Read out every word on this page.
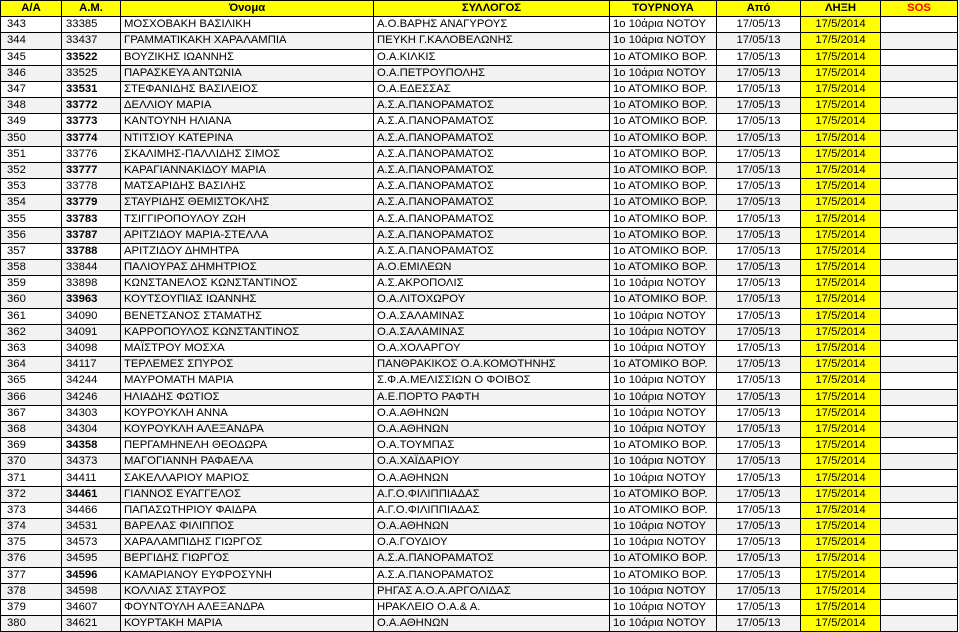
Α/Α	Α.Μ.	Όνομα	ΣΥΛΛΟΓΟΣ	ΤΟΥΡΝΟΥΑ	Από	ΛΗΞΗ	SOS
343	33385	ΜΟΣΧΟΒΑΚΗ ΒΑΣΙΛΙΚΗ	Α.Ο.ΒΑΡΗΣ ΑΝΑΓΥΡΟΥΣ	1ο 10άρια ΝΟΤΟΥ	17/05/13	17/5/2014	
344	33437	ΓΡΑΜΜΑΤΙΚΑΚΗ ΧΑΡΑΛΑΜΠΙΑ	ΠΕΥΚΗ Γ.ΚΑΛΟΒΕΛΩΝΗΣ	1ο 10άρια ΝΟΤΟΥ	17/05/13	17/5/2014	
345	33522	ΒΟΥΖΙΚΗΣ ΙΩΑΝΝΗΣ	Ο.Α.ΚΙΛΚΙΣ	1ο ΑΤΟΜΙΚΟ ΒΟΡ.	17/05/13	17/5/2014	
346	33525	ΠΑΡΑΣΚΕΥΑ ΑΝΤΩΝΙΑ	Ο.Α.ΠΕΤΡΟΥΠΟΛΗΣ	1ο 10άρια ΝΟΤΟΥ	17/05/13	17/5/2014	
347	33531	ΣΤΕΦΑΝΙΔΗΣ ΒΑΣΙΛΕΙΟΣ	Ο.Α.ΕΔΕΣΣΑΣ	1ο ΑΤΟΜΙΚΟ ΒΟΡ.	17/05/13	17/5/2014	
348	33772	ΔΕΛΛΙΟΥ ΜΑΡΙΑ	Α.Σ.Α.ΠΑΝΟΡΑΜΑΤΟΣ	1ο ΑΤΟΜΙΚΟ ΒΟΡ.	17/05/13	17/5/2014	
349	33773	ΚΑΝΤΟΥΝΗ ΗΛΙΑΝΑ	Α.Σ.Α.ΠΑΝΟΡΑΜΑΤΟΣ	1ο ΑΤΟΜΙΚΟ ΒΟΡ.	17/05/13	17/5/2014	
350	33774	ΝΤΙΤΣΙΟΥ ΚΑΤΕΡΙΝΑ	Α.Σ.Α.ΠΑΝΟΡΑΜΑΤΟΣ	1ο ΑΤΟΜΙΚΟ ΒΟΡ.	17/05/13	17/5/2014	
351	33776	ΣΚΑΛΙΜΗΣ-ΠΑΛΛΙΔΗΣ ΣΙΜΟΣ	Α.Σ.Α.ΠΑΝΟΡΑΜΑΤΟΣ	1ο ΑΤΟΜΙΚΟ ΒΟΡ.	17/05/13	17/5/2014	
352	33777	ΚΑΡΑΓΙΑΝΝΑΚΙΔΟΥ ΜΑΡΙΑ	Α.Σ.Α.ΠΑΝΟΡΑΜΑΤΟΣ	1ο ΑΤΟΜΙΚΟ ΒΟΡ.	17/05/13	17/5/2014	
353	33778	ΜΑΤΣΑΡΙΔΗΣ ΒΑΣΙΛΗΣ	Α.Σ.Α.ΠΑΝΟΡΑΜΑΤΟΣ	1ο ΑΤΟΜΙΚΟ ΒΟΡ.	17/05/13	17/5/2014	
354	33779	ΣΤΑΥΡΙΔΗΣ ΘΕΜΙΣΤΟΚΛΗΣ	Α.Σ.Α.ΠΑΝΟΡΑΜΑΤΟΣ	1ο ΑΤΟΜΙΚΟ ΒΟΡ.	17/05/13	17/5/2014	
355	33783	ΤΣΙΓΓΙΡΟΠΟΥΛΟΥ ΖΩΗ	Α.Σ.Α.ΠΑΝΟΡΑΜΑΤΟΣ	1ο ΑΤΟΜΙΚΟ ΒΟΡ.	17/05/13	17/5/2014	
356	33787	ΑΡΙΤΖΙΔΟΥ ΜΑΡΙΑ-ΣΤΕΛΛΑ	Α.Σ.Α.ΠΑΝΟΡΑΜΑΤΟΣ	1ο ΑΤΟΜΙΚΟ ΒΟΡ.	17/05/13	17/5/2014	
357	33788	ΑΡΙΤΖΙΔΟΥ ΔΗΜΗΤΡΑ	Α.Σ.Α.ΠΑΝΟΡΑΜΑΤΟΣ	1ο ΑΤΟΜΙΚΟ ΒΟΡ.	17/05/13	17/5/2014	
358	33844	ΠΑΛΙΟΥΡΑΣ ΔΗΜΗΤΡΙΟΣ	Α.Ο.ΕΜΙΛΕΩΝ	1ο ΑΤΟΜΙΚΟ ΒΟΡ.	17/05/13	17/5/2014	
359	33898	ΚΩΝΣΤΑΝΕΛΟΣ ΚΩΝΣΤΑΝΤΙΝΟΣ	Α.Σ.ΑΚΡΟΠΟΛΙΣ	1ο 10άρια ΝΟΤΟΥ	17/05/13	17/5/2014	
360	33963	ΚΟΥΤΣΟΥΠΙΑΣ ΙΩΑΝΝΗΣ	Ο.Α.ΛΙΤΟΧΩΡΟΥ	1ο ΑΤΟΜΙΚΟ ΒΟΡ.	17/05/13	17/5/2014	
361	34090	ΒΕΝΕΤΣΑΝΟΣ ΣΤΑΜΑΤΗΣ	Ο.Α.ΣΑΛΑΜΙΝΑΣ	1ο 10άρια ΝΟΤΟΥ	17/05/13	17/5/2014	
362	34091	ΚΑΡΡΟΠΟΥΛΟΣ ΚΩΝΣΤΑΝΤΙΝΟΣ	Ο.Α.ΣΑΛΑΜΙΝΑΣ	1ο 10άρια ΝΟΤΟΥ	17/05/13	17/5/2014	
363	34098	ΜΑΪΣΤΡΟΥ ΜΟΣΧΑ	Ο.Α.ΧΟΛΑΡΓΟΥ	1ο 10άρια ΝΟΤΟΥ	17/05/13	17/5/2014	
364	34117	ΤΕΡΛΕΜΕΣ ΣΠΥΡΟΣ	ΠΑΝΘΡΑΚΙΚΟΣ Ο.Α.ΚΟΜΟΤΗΝΗΣ	1ο ΑΤΟΜΙΚΟ ΒΟΡ.	17/05/13	17/5/2014	
365	34244	ΜΑΥΡΟΜΑΤΗ ΜΑΡΙΑ	Σ.Φ.Α.ΜΕΛΙΣΣΙΩΝ Ο ΦΟΙΒΟΣ	1ο 10άρια ΝΟΤΟΥ	17/05/13	17/5/2014	
366	34246	ΗΛΙΑΔΗΣ ΦΩΤΙΟΣ	Α.Ε.ΠΟΡΤΟ ΡΑΦΤΗ	1ο 10άρια ΝΟΤΟΥ	17/05/13	17/5/2014	
367	34303	ΚΟΥΡΟΥΚΛΗ ΑΝΝΑ	Ο.Α.ΑΘΗΝΩΝ	1ο 10άρια ΝΟΤΟΥ	17/05/13	17/5/2014	
368	34304	ΚΟΥΡΟΥΚΛΗ ΑΛΕΞΑΝΔΡΑ	Ο.Α.ΑΘΗΝΩΝ	1ο 10άρια ΝΟΤΟΥ	17/05/13	17/5/2014	
369	34358	ΠΕΡΓΑΜΗΝΕΛΗ ΘΕΟΔΩΡΑ	Ο.Α.ΤΟΥΜΠΑΣ	1ο ΑΤΟΜΙΚΟ ΒΟΡ.	17/05/13	17/5/2014	
370	34373	ΜΑΓΟΓΙΑΝΝΗ ΡΑΦΑΕΛΑ	Ο.Α.ΧΑΪΔΑΡΙΟΥ	1ο 10άρια ΝΟΤΟΥ	17/05/13	17/5/2014	
371	34411	ΣΑΚΕΛΛΑΡΙΟΥ ΜΑΡΙΟΣ	Ο.Α.ΑΘΗΝΩΝ	1ο 10άρια ΝΟΤΟΥ	17/05/13	17/5/2014	
372	34461	ΓΙΑΝΝΟΣ ΕΥΑΓΓΕΛΟΣ	Α.Γ.Ο.ΦΙΛΙΠΠΙΑΔΑΣ	1ο ΑΤΟΜΙΚΟ ΒΟΡ.	17/05/13	17/5/2014	
373	34466	ΠΑΠΑΣΩΤΗΡΙΟΥ ΦΑΙΔΡΑ	Α.Γ.Ο.ΦΙΛΙΠΠΙΑΔΑΣ	1ο ΑΤΟΜΙΚΟ ΒΟΡ.	17/05/13	17/5/2014	
374	34531	ΒΑΡΕΛΑΣ ΦΙΛΙΠΠΟΣ	Ο.Α.ΑΘΗΝΩΝ	1ο 10άρια ΝΟΤΟΥ	17/05/13	17/5/2014	
375	34573	ΧΑΡΑΛΑΜΠΙΔΗΣ ΓΙΩΡΓΟΣ	Ο.Α.ΓΟΥΔΙΟΥ	1ο 10άρια ΝΟΤΟΥ	17/05/13	17/5/2014	
376	34595	ΒΕΡΓΙΔΗΣ ΓΙΩΡΓΟΣ	Α.Σ.Α.ΠΑΝΟΡΑΜΑΤΟΣ	1ο ΑΤΟΜΙΚΟ ΒΟΡ.	17/05/13	17/5/2014	
377	34596	ΚΑΜΑΡΙΑΝΟΥ ΕΥΦΡΟΣΥΝΗ	Α.Σ.Α.ΠΑΝΟΡΑΜΑΤΟΣ	1ο ΑΤΟΜΙΚΟ ΒΟΡ.	17/05/13	17/5/2014	
378	34598	ΚΟΛΛΙΑΣ ΣΤΑΥΡΟΣ	ΡΗΓΑΣ Α.Ο.Α.ΑΡΓΟΛΙΔΑΣ	1ο 10άρια ΝΟΤΟΥ	17/05/13	17/5/2014	
379	34607	ΦΟΥΝΤΟΥΛΗ ΑΛΕΞΑΝΔΡΑ	ΗΡΑΚΛΕΙΟ Ο.Α.& Α.	1ο 10άρια ΝΟΤΟΥ	17/05/13	17/5/2014	
380	34621	ΚΟΥΡΤΑΚΗ ΜΑΡΙΑ	Ο.Α.ΑΘΗΝΩΝ	1ο 10άρια ΝΟΤΟΥ	17/05/13	17/5/2014	
